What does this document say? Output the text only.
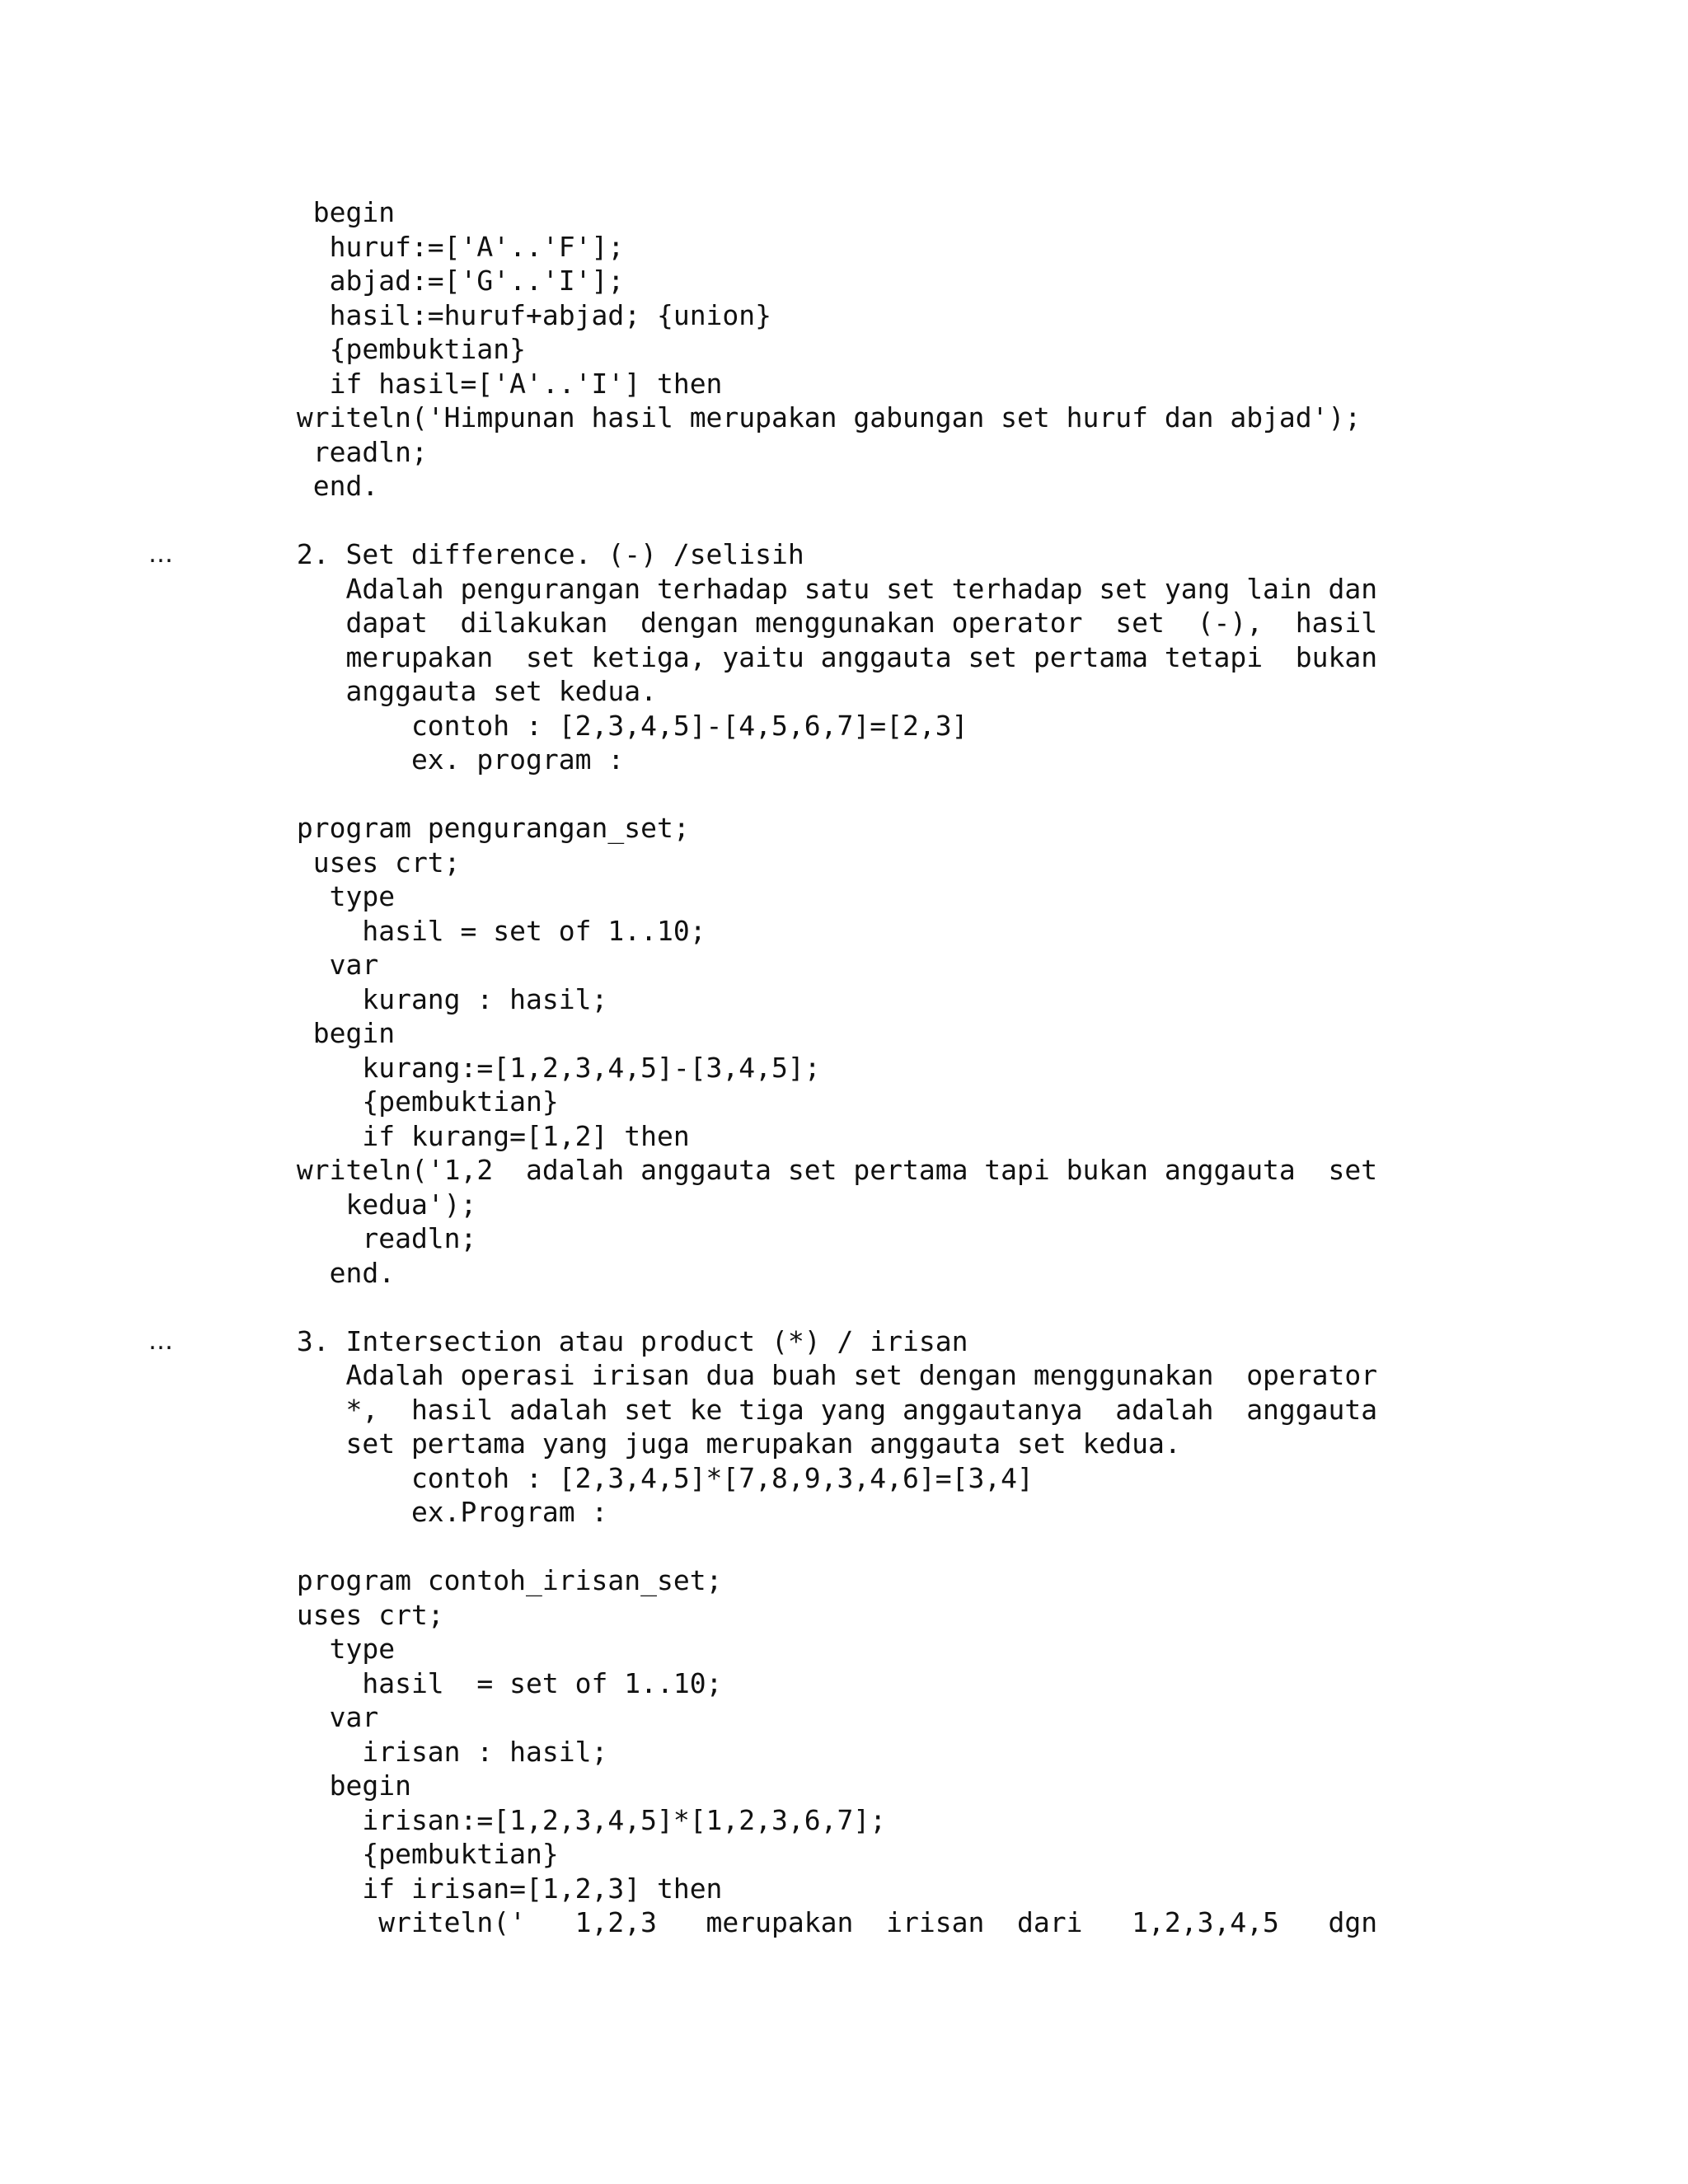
begin
huruf:=['A'..'F'];
abjad:=['G'..'I'];
hasil:=huruf+abjad; {union}
{pembuktian}
if hasil=['A'..'I'] then
writeln('Himpunan hasil merupakan gabungan set huruf dan abjad');
readln;
end.
2. Set difference. (-) /selisih
Adalah pengurangan terhadap satu set terhadap set yang lain dan
dapat  dilakukan  dengan menggunakan operator  set  (-),  hasil
merupakan  set ketiga, yaitu anggauta set pertama tetapi  bukan
anggauta set kedua.
contoh : [2,3,4,5]-[4,5,6,7]=[2,3]
ex. program :
program pengurangan_set;
uses crt;
type
hasil = set of 1..10;
var
kurang : hasil;
begin
kurang:=[1,2,3,4,5]-[3,4,5];
{pembuktian}
if kurang=[1,2] then
writeln('1,2  adalah anggauta set pertama tapi bukan anggauta  set
kedua');
readln;
end.
3. Intersection atau product (*) / irisan
Adalah operasi irisan dua buah set dengan menggunakan  operator
*,  hasil adalah set ke tiga yang anggautanya  adalah  anggauta
set pertama yang juga merupakan anggauta set kedua.
contoh : [2,3,4,5]*[7,8,9,3,4,6]=[3,4]
ex.Program :
program contoh_irisan_set;
uses crt;
type
hasil  = set of 1..10;
var
irisan : hasil;
begin
irisan:=[1,2,3,4,5]*[1,2,3,6,7];
{pembuktian}
if irisan=[1,2,3] then
writeln('   1,2,3   merupakan  irisan  dari   1,2,3,4,5   dgn
…
…
